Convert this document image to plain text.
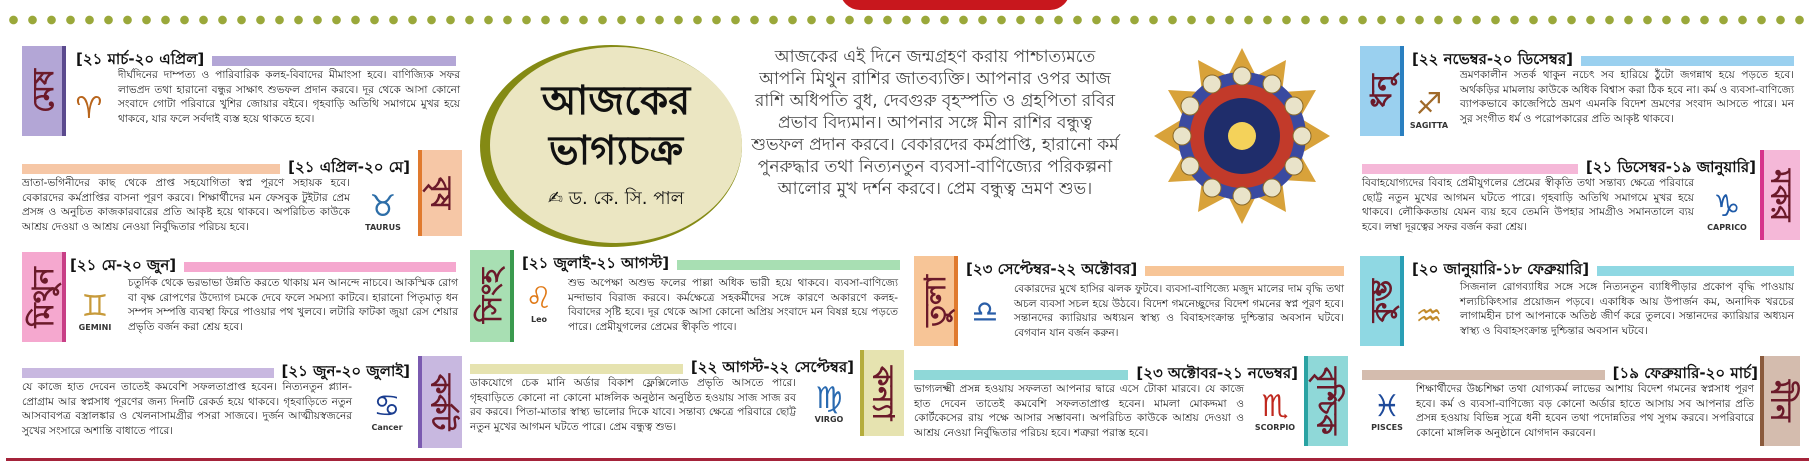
মেষ
[২১ মার্চ-২০ এপ্রিল]
♈
দীর্ঘদিনের দাম্পত্য ও পারিবারিক কলহ-বিবাদের মীমাংসা হবে। বাণিজ্যিক সফর লাভপ্রদ তথা হারানো বন্ধুর সাক্ষাৎ শুভফল প্রদান করবে। দূর থেকে আসা কোনো সংবাদে গোটা পরিবারে খুশির জোয়ার বইবে। গৃহবাড়ি অতিথি সমাগমে মুখর হয়ে থাকবে, যার ফলে সর্বদাই ব্যস্ত হয়ে থাকতে হবে।
[২১ এপ্রিল-২০ মে]
বৃষ
ভ্রাতা-ভগিনীদের কাছ থেকে প্রাপ্ত সহযোগিতা স্বপ্ন পূরণে সহায়ক হবে। বেকারদের কর্মপ্রাপ্তির বাসনা পূরণ করবে। শিক্ষার্থীদের মন ফেসবুক টুইটার প্রেম প্রসঙ্গ ও অনুচিত কাজকারবারের প্রতি আকৃষ্ট হয়ে থাকবে। অপরিচিত কাউকে আশ্রয় দেওয়া ও আশ্রয় নেওয়া নির্বুদ্ধিতার পরিচয় হবে।
♉
TAURUS
মিথুন
[২১ মে-২০ জুন]
♊
GEMINI
চতুর্দিক থেকে ভরভাভা উন্নতি করতে থাকায় মন আনন্দে নাচবে। আকস্মিক রোগ বা বৃক্ষ রোপণের উদ্যোগ চমকে দেবে ফলে সমস্যা কাটবে। হারানো পিতৃমাতৃ ধন সম্পদ সম্পত্তি ব্যবস্থা ফিরে পাওয়ার পথ খুলবে। লটারি ফাটকা জুয়া রেস শেয়ার প্রভৃতি বর্জন করা শ্রেয় হবে।
[২১ জুন-২০ জুলাই]
কর্কট
যে কাজে হাত দেবেন তাতেই কমবেশি সফলতাপ্রাপ্ত হবেন। নিত্যনতুন প্ল্যান-প্রোগ্রাম আর স্বপ্নসাধ পূরণের জন্য দিনটি রেকর্ড হয়ে থাকবে। গৃহবাড়িতে নতুন আসবাবপত্র বস্ত্রালঙ্কার ও খেলনাসামগ্রীর পসরা সাজবে। দুর্জন আত্মীয়স্বজনের সুখের সংসারে অশান্তি বাধাতে পারে।
♋
Cancer
আজকের
ভাগ্যচক্র
✍ ড. কে. সি. পাল
আজকের এই দিনে জন্মগ্রহণ করায় পাশ্চাত্যমতে আপনি মিথুন রাশির জাতব্যক্তি। আপনার ওপর আজ রাশি অধিপতি বুধ, দেবগুরু বৃহস্পতি ও গ্রহপিতা রবির প্রভাব বিদ্যমান। আপনার সঙ্গে মীন রাশির বন্ধুত্ব শুভফল প্রদান করবে। বেকারদের কর্মপ্রাপ্তি, হারানো কর্ম পুনরুদ্ধার তথা নিত্যনতুন ব্যবসা-বাণিজ্যের পরিকল্পনা আলোর মুখ দর্শন করবে। প্রেম বন্ধুত্ব ভ্রমণ শুভ।
সিংহ
[২১ জুলাই-২১ আগস্ট]
♌
Leo
শুভ অপেক্ষা অশুভ ফলের পাল্লা অধিক ভারী হয়ে থাকবে। ব্যবসা-বাণিজ্যে মন্দাভাব বিরাজ করবে। কর্মক্ষেত্রে সহকর্মীদের সঙ্গে কারণে অকারণে কলহ-বিবাদের সৃষ্টি হবে। দূর থেকে আসা কোনো অপ্রিয় সংবাদে মন বিষণ্ণ হয়ে পড়তে পারে। প্রেমীযুগলের প্রেমের স্বীকৃতি পাবে।
[২২ আগস্ট-২২ সেপ্টেম্বর] কন্যা
ডাকযোগে চেক মানি অর্ডার বিকাশ ফ্লেক্সিলোড প্রভৃতি আসতে পারে। গৃহবাড়িতে কোনো না কোনো মাঙ্গলিক অনুষ্ঠান অনুষ্ঠিত হওয়ায় সাজ সাজ রব রব করবে। পিতা-মাতার স্বাস্থ্য ভালোর দিকে যাবে। সন্তাব্য ক্ষেত্রে পরিবারে ছোট্ট নতুন মুখের আগমন ঘটতে পারে। প্রেম বন্ধুত্ব শুভ।
♍
VIRGO
তুলা
[২৩ সেপ্টেম্বর-২২ অক্টোবর]
♎
বেকারদের মুখে হাসির ঝলক ফুটবে। ব্যবসা-বাণিজ্যে মজুদ মালের দাম বৃদ্ধি তথা অচল ব্যবসা সচল হয়ে উঠবে। বিদেশ গমনেচ্ছুদের বিদেশ গমনের স্বপ্ন পূরণ হবে। সন্তানদের ক্যারিয়ার অধ্যয়ন স্বাস্থ্য ও বিবাহসংক্রান্ত দুশ্চিন্তার অবসান ঘটবে। বেগবান যান বর্জন করুন।
[২৩ অক্টোবর-২১ নভেম্বর] বৃশ্চিক
ভাগ্যলক্ষ্মী প্রসন্ন হওয়ায় সফলতা আপনার দ্বারে এসে টোকা মারবে। যে কাজে হাত দেবেন তাতেই কমবেশি সফলতাপ্রাপ্ত হবেন। মামলা মোকদ্দমা ও কোর্টকেসের রায় পক্ষে আসার সম্ভাবনা। অপরিচিত কাউকে আশ্রয় দেওয়া ও আশ্রয় নেওয়া নির্বুদ্ধিতার পরিচয় হবে। শত্রুরা পরাস্ত হবে।
♏
SCORPIO
ধনু
[২২ নভেম্বর-২০ ডিসেম্বর]
♐
SAGITTA
ভ্রমণকালীন সতর্ক থাকুন নচেৎ সব হারিয়ে ঠুঁটো জগন্নাথ হয়ে পড়তে হবে। অর্থকড়ির মামলায় কাউকে অধিক বিশ্বাস করা ঠিক হবে না। কর্ম ও ব্যবসা-বাণিজ্যে ব্যাপকভাবে কাজেপিঠে ভ্রমণ এমনকি বিদেশ ভ্রমণের সংবাদ আসতে পারে। মন সুর সংগীত ধর্ম ও পরোপকারের প্রতি আকৃষ্ট থাকবে।
[২১ ডিসেম্বর-১৯ জানুয়ারি]
মকর
বিবাহযোগ্যদের বিবাহ প্রেমীযুগলের প্রেমের স্বীকৃতি তথা সন্তাব্য ক্ষেত্রে পরিবারে ছোট্ট নতুন মুখের আগমন ঘটতে পারে। গৃহবাড়ি অতিথি সমাগমে মুখর হয়ে থাকবে। লৌকিকতায় যেমন ব্যয় হবে তেমনি উপহার সামগ্রীও সমানতালে ব্যয় হবে। লম্বা দূরত্বের সফর বর্জন করা শ্রেয়।
♑
CAPRICO
কুম্ভ
[২০ জানুয়ারি-১৮ ফেব্রুয়ারি]
♒
সিজনাল রোগব্যাধির সঙ্গে সঙ্গে নিত্যনতুন ব্যাধিপীড়ার প্রকোপ বৃদ্ধি পাওয়ায় শল্যচিকিৎসার প্রয়োজন পড়বে। একাধিক আয় উপার্জন কম, অনাদিক খরচের লাগামহীন চাপ আপনাকে অতিষ্ঠ জীর্ণ করে তুলবে। সন্তানদের ক্যারিয়ার অধ্যয়ন স্বাস্থ্য ও বিবাহসংক্রান্ত দুশ্চিন্তার অবসান ঘটবে।
[১৯ ফেব্রুয়ারি-২০ মার্চ]
মীন
♓
PISCES
শিক্ষার্থীদের উচ্চশিক্ষা তথা যোগ্যকর্ম লাভের আশায় বিদেশ গমনের স্বপ্নসাধ পূরণ হবে। কর্ম ও ব্যবসা-বাণিজ্যে বড় কোনো অর্ডার হাতে আসায় সব আপনার প্রতি প্রসন্ন হওয়ায় বিভিন্ন সূত্রে ধনী হবেন তথা পদোন্নতির পথ সুগম করবে। সপরিবারে কোনো মাঙ্গলিক অনুষ্ঠানে যোগদান করবেন।
